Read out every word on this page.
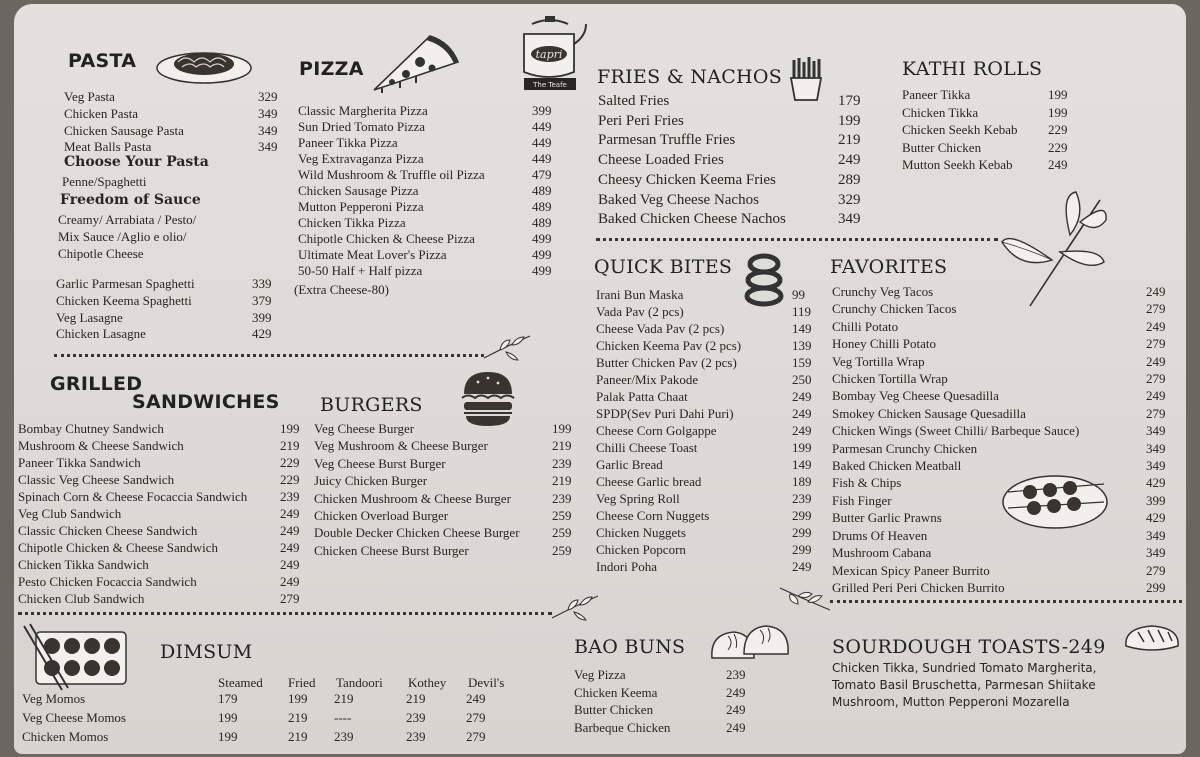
PASTA
Veg Pasta	329
Chicken Pasta	349
Chicken Sausage Pasta	349
Meat Balls Pasta	349
Choose Your Pasta
Penne/Spaghetti
Freedom of Sauce
Creamy/ Arrabiata / Pesto/
Mix Sauce /Aglio e olio/
Chipotle Cheese
Garlic Parmesan Spaghetti	339
Chicken Keema Spaghetti	379
Veg Lasagne	399
Chicken Lasagne	429
PIZZA
Classic Margherita Pizza	399
Sun Dried Tomato Pizza	449
Paneer Tikka Pizza	449
Veg Extravaganza Pizza	449
Wild Mushroom & Truffle oil Pizza	479
Chicken Sausage Pizza	489
Mutton Pepperoni Pizza	489
Chicken Tikka Pizza	489
Chipotle Chicken & Cheese Pizza	499
Ultimate Meat Lover's Pizza	499
50-50 Half + Half pizza	499
(Extra Cheese-80)
tapri
The Teafe FRIES & NACHOS
Salted Fries	179
Peri Peri Fries	199
Parmesan Truffle Fries	219
Cheese Loaded Fries	249
Cheesy Chicken Keema Fries	289
Baked Veg Cheese Nachos	329
Baked Chicken Cheese Nachos	349
KATHI ROLLS
Paneer Tikka	199
Chicken Tikka	199
Chicken Seekh Kebab 229
Butter Chicken	229
Mutton Seekh Kebab	249
GRILLED
SANDWICHES
Bombay Chutney Sandwich	199
Mushroom & Cheese Sandwich	219
Paneer Tikka Sandwich	229
Classic Veg Cheese Sandwich	229
Spinach Corn & Cheese Focaccia Sandwich	239
Veg Club Sandwich	249
Classic Chicken Cheese Sandwich	249
Chipotle Chicken & Cheese Sandwich	249
Chicken Tikka Sandwich	249
Pesto Chicken Focaccia Sandwich	249
Chicken Club Sandwich	279
BURGERS
Veg Cheese Burger	199
Veg Mushroom & Cheese Burger	219
Veg Cheese Burst Burger	239
Juicy Chicken Burger	219
Chicken Mushroom & Cheese Burger	239
Chicken Overload Burger	259
Double Decker Chicken Cheese Burger 259
Chicken Cheese Burst Burger	259
QUICK BITES
Irani Bun Maska	99
Vada Pav (2 pcs)	119
Cheese Vada Pav (2 pcs)	149
Chicken Keema Pav (2 pcs)	139
Butter Chicken Pav (2 pcs)	159
Paneer/Mix Pakode	250
Palak Patta Chaat	249
SPDP(Sev Puri Dahi Puri)	249
Cheese Corn Golgappe	249
Chilli Cheese Toast	199
Garlic Bread	149
Cheese Garlic bread	189
Veg Spring Roll	239
Cheese Corn Nuggets	299
Chicken Nuggets	299
Chicken Popcorn	299
Indori Poha	249
FAVORITES
Crunchy Veg Tacos	249
Crunchy Chicken Tacos	279
Chilli Potato	249
Honey Chilli Potato	279
Veg Tortilla Wrap	249
Chicken Tortilla Wrap	279
Bombay Veg Cheese Quesadilla	249
Smokey Chicken Sausage Quesadilla	279
Chicken Wings (Sweet Chilli/ Barbeque Sauce)	349
Parmesan Crunchy Chicken	349
Baked Chicken Meatball	349
Fish & Chips	429
Fish Finger	399
Butter Garlic Prawns	429
Drums Of Heaven	349
Mushroom Cabana	349
Mexican Spicy Paneer Burrito	279
Grilled Peri Peri Chicken Burrito	299
DIMSUM
Steamed Fried Tandoori Kothey Devil's
Veg Momos	179	199 219	219	249
Veg Cheese Momos	199	219 ----	239	279
Chicken Momos	199	219 239	239	279
BAO BUNS
Veg Pizza	239
Chicken Keema	249
Butter Chicken	249
Barbeque Chicken	249
SOURDOUGH TOASTS-249
Chicken Tikka, Sundried Tomato Margherita,
Tomato Basil Bruschetta, Parmesan Shiitake
Mushroom, Mutton Pepperoni Mozarella
